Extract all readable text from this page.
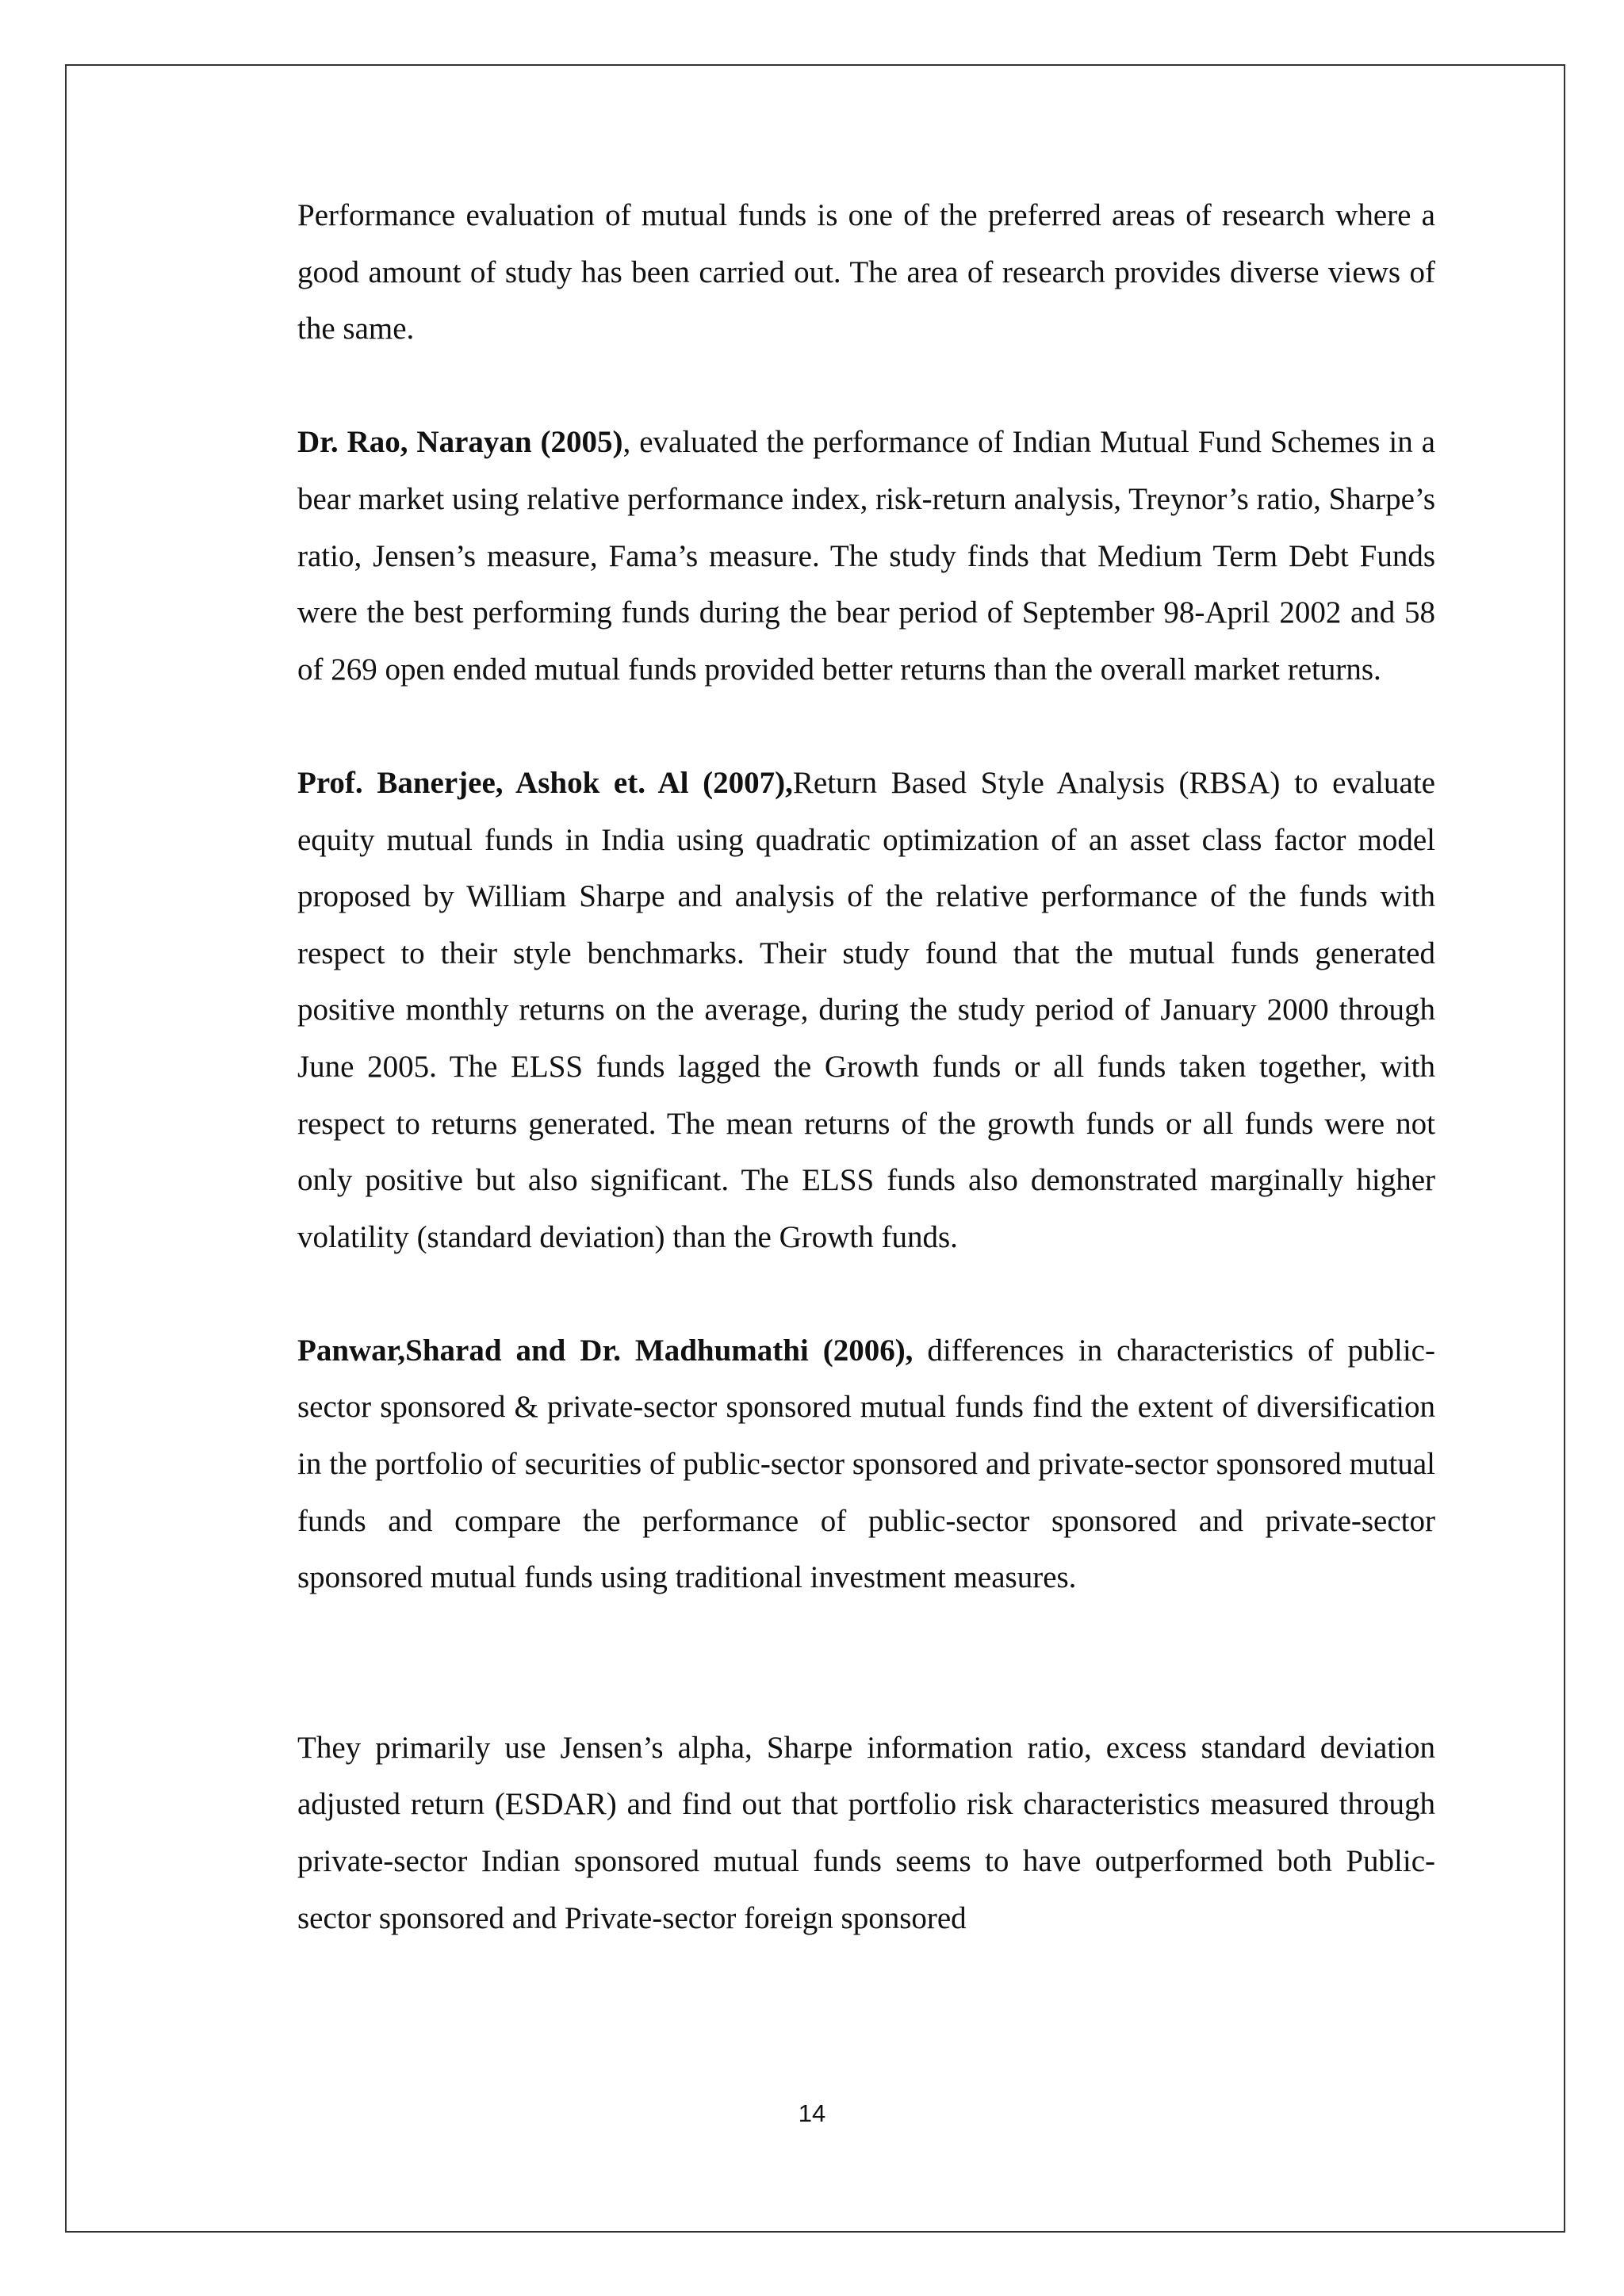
Performance evaluation of mutual funds is one of the preferred areas of research where a good amount of study has been carried out. The area of research provides diverse views of the same.

Dr. Rao, Narayan (2005), evaluated the performance of Indian Mutual Fund Schemes in a bear market using relative performance index, risk-return analysis, Treynor’s ratio, Sharpe’s ratio, Jensen’s measure, Fama’s measure. The study finds that Medium Term Debt Funds were the best performing funds during the bear period of September 98-April 2002 and 58 of 269 open ended mutual funds provided better returns than the overall market returns.

Prof. Banerjee, Ashok et. Al (2007),Return Based Style Analysis (RBSA) to evaluate equity mutual funds in India using quadratic optimization of an asset class factor model proposed by William Sharpe and analysis of the relative performance of the funds with respect to their style benchmarks. Their study found that the mutual funds generated positive monthly returns on the average, during the study period of January 2000 through June 2005. The ELSS funds lagged the Growth funds or all funds taken together, with respect to returns generated. The mean returns of the growth funds or all funds were not only positive but also significant. The ELSS funds also demonstrated marginally higher volatility (standard deviation) than the Growth funds.

Panwar,Sharad and Dr. Madhumathi (2006), differences in characteristics of public-sector sponsored & private-sector sponsored mutual funds find the extent of diversification in the portfolio of securities of public-sector sponsored and private-sector sponsored mutual funds and compare the performance of public-sector sponsored and private-sector sponsored mutual funds using traditional investment measures.

They primarily use Jensen’s alpha, Sharpe information ratio, excess standard deviation adjusted return (ESDAR) and find out that portfolio risk characteristics measured through private-sector Indian sponsored mutual funds seems to have outperformed both Public- sector sponsored and Private-sector foreign sponsored

14
